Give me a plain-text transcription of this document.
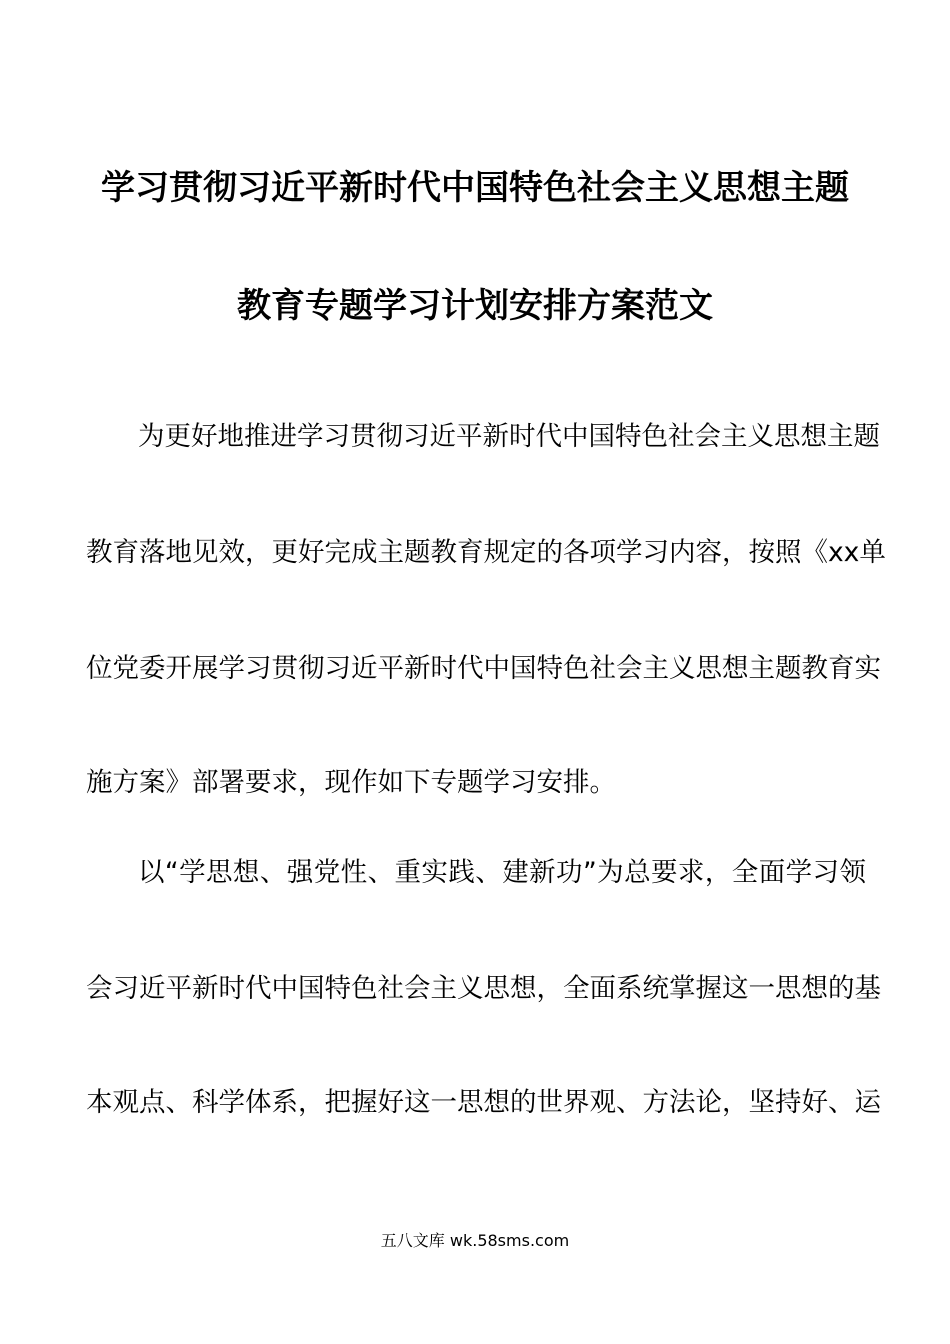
学习贯彻习近平新时代中国特色社会主义思想主题
教育专题学习计划安排方案范文
为更好地推进学习贯彻习近平新时代中国特色社会主义思想主题
教育落地见效，更好完成主题教育规定的各项学习内容，按照《xx单
位党委开展学习贯彻习近平新时代中国特色社会主义思想主题教育实
施方案》部署要求，现作如下专题学习安排。
以“学思想、强党性、重实践、建新功”为总要求，全面学习领
会习近平新时代中国特色社会主义思想，全面系统掌握这一思想的基
本观点、科学体系，把握好这一思想的世界观、方法论，坚持好、运
五八文库 wk.58sms.com
